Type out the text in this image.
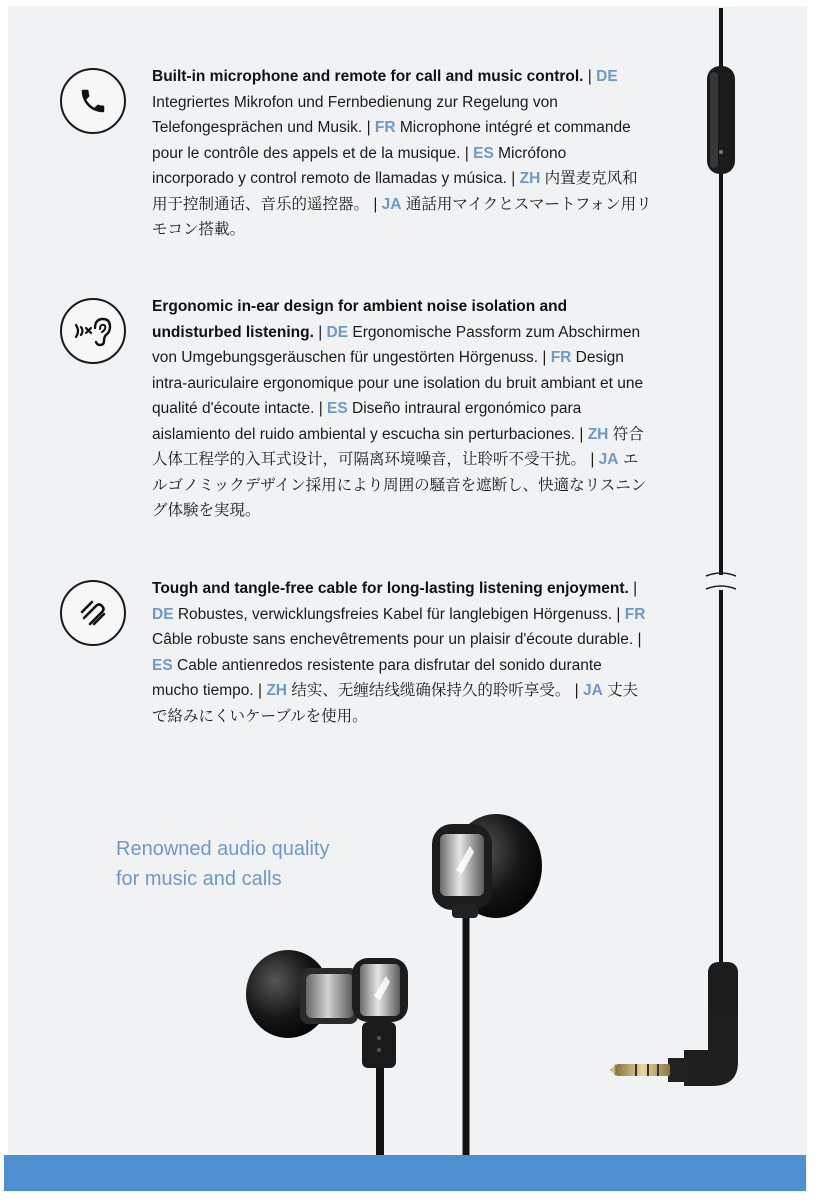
Built-in microphone and remote for call and music control. | DE Integriertes Mikrofon und Fernbedienung zur Regelung von Telefongesprächen und Musik. | FR Microphone intégré et commande pour le contrôle des appels et de la musique. | ES Micrófono incorporado y control remoto de llamadas y música. | ZH 内置麦克风和用于控制通话、音乐的遥控器。 | JA 通話用マイクとスマートフォン用リモコン搭載。
Ergonomic in-ear design for ambient noise isolation and undisturbed listening. | DE Ergonomische Passform zum Abschirmen von Umgebungsgeräuschen für ungestörten Hörgenuss. | FR Design intra-auriculaire ergonomique pour une isolation du bruit ambiant et une qualité d'écoute intacte. | ES Diseño intraural ergonómico para aislamiento del ruido ambiental y escucha sin perturbaciones. | ZH 符合人体工程学的入耳式设计，可隔离环境噪音，让聆听不受干扰。 | JA エルゴノミックデザイン採用により周囲の騒音を遮断し、快適なリスニング体験を実現。
Tough and tangle-free cable for long-lasting listening enjoyment. | DE Robustes, verwicklungsfreies Kabel für langlebigen Hörgenuss. | FR Câble robuste sans enchevêtrements pour un plaisir d'écoute durable. | ES Cable antienredos resistente para disfrutar del sonido durante mucho tiempo. | ZH 结实、无缠结线缆确保持久的聆听享受。 | JA 丈夫で絡みにくいケーブルを使用。
Renowned audio quality for music and calls
